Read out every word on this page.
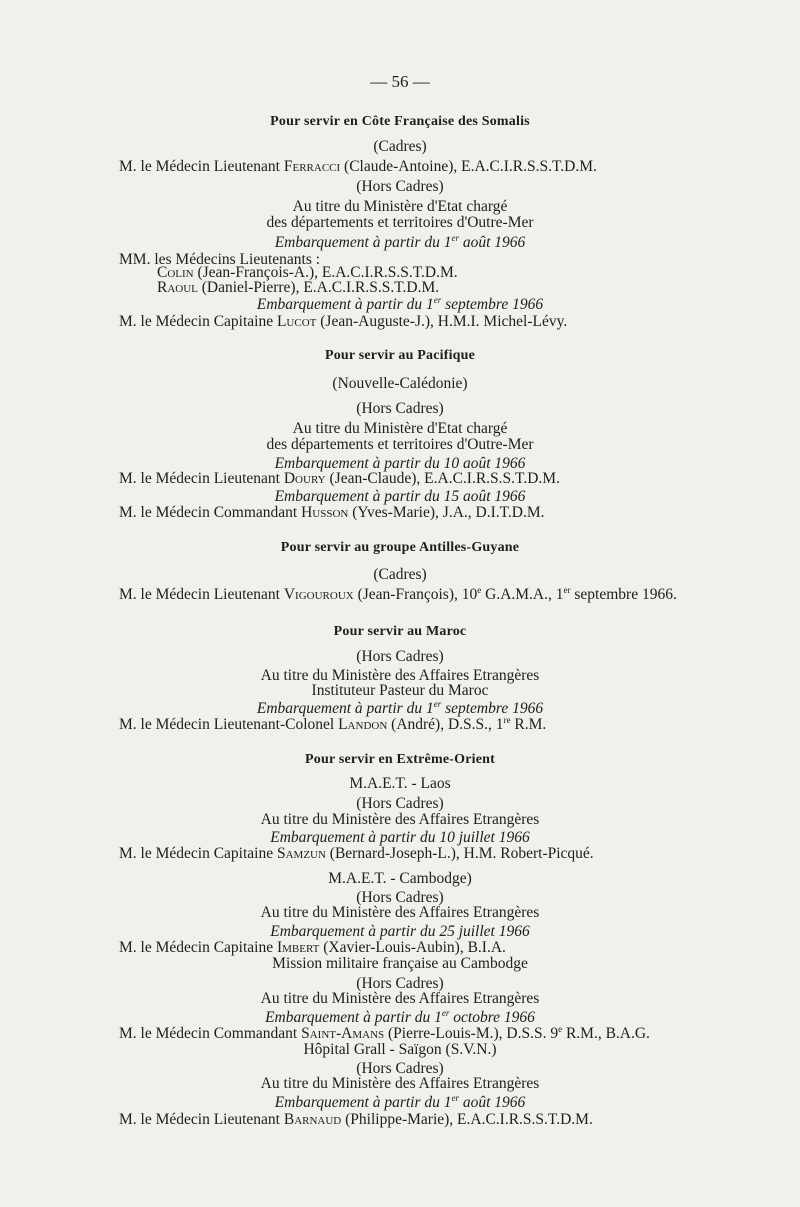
— 56 —
Pour servir en Côte Française des Somalis
(Cadres)
M. le Médecin Lieutenant Ferracci (Claude-Antoine), E.A.C.I.R.S.S.T.D.M.
(Hors Cadres)
Au titre du Ministère d'Etat chargé
des départements et territoires d'Outre-Mer
Embarquement à partir du 1er août 1966
MM. les Médecins Lieutenants :
Colin (Jean-François-A.), E.A.C.I.R.S.S.T.D.M.
Raoul (Daniel-Pierre), E.A.C.I.R.S.S.T.D.M.
Embarquement à partir du 1er septembre 1966
M. le Médecin Capitaine Lucot (Jean-Auguste-J.), H.M.I. Michel-Lévy.
Pour servir au Pacifique
(Nouvelle-Calédonie)
(Hors Cadres)
Au titre du Ministère d'Etat chargé
des départements et territoires d'Outre-Mer
Embarquement à partir du 10 août 1966
M. le Médecin Lieutenant Doury (Jean-Claude), E.A.C.I.R.S.S.T.D.M.
Embarquement à partir du 15 août 1966
M. le Médecin Commandant Husson (Yves-Marie), J.A., D.I.T.D.M.
Pour servir au groupe Antilles-Guyane
(Cadres)
M. le Médecin Lieutenant Vigouroux (Jean-François), 10e G.A.M.A., 1er septembre 1966.
Pour servir au Maroc
(Hors Cadres)
Au titre du Ministère des Affaires Etrangères
Instituteur Pasteur du Maroc
Embarquement à partir du 1er septembre 1966
M. le Médecin Lieutenant-Colonel Landon (André), D.S.S., 1re R.M.
Pour servir en Extrême-Orient
M.A.E.T. - Laos
(Hors Cadres)
Au titre du Ministère des Affaires Etrangères
Embarquement à partir du 10 juillet 1966
M. le Médecin Capitaine Samzun (Bernard-Joseph-L.), H.M. Robert-Picqué.
M.A.E.T. - Cambodge)
(Hors Cadres)
Au titre du Ministère des Affaires Etrangères
Embarquement à partir du 25 juillet 1966
M. le Médecin Capitaine Imbert (Xavier-Louis-Aubin), B.I.A.
Mission militaire française au Cambodge
(Hors Cadres)
Au titre du Ministère des Affaires Etrangères
Embarquement à partir du 1er octobre 1966
M. le Médecin Commandant Saint-Amans (Pierre-Louis-M.), D.S.S. 9e R.M., B.A.G.
Hôpital Grall - Saïgon (S.V.N.)
(Hors Cadres)
Au titre du Ministère des Affaires Etrangères
Embarquement à partir du 1er août 1966
M. le Médecin Lieutenant Barnaud (Philippe-Marie), E.A.C.I.R.S.S.T.D.M.
